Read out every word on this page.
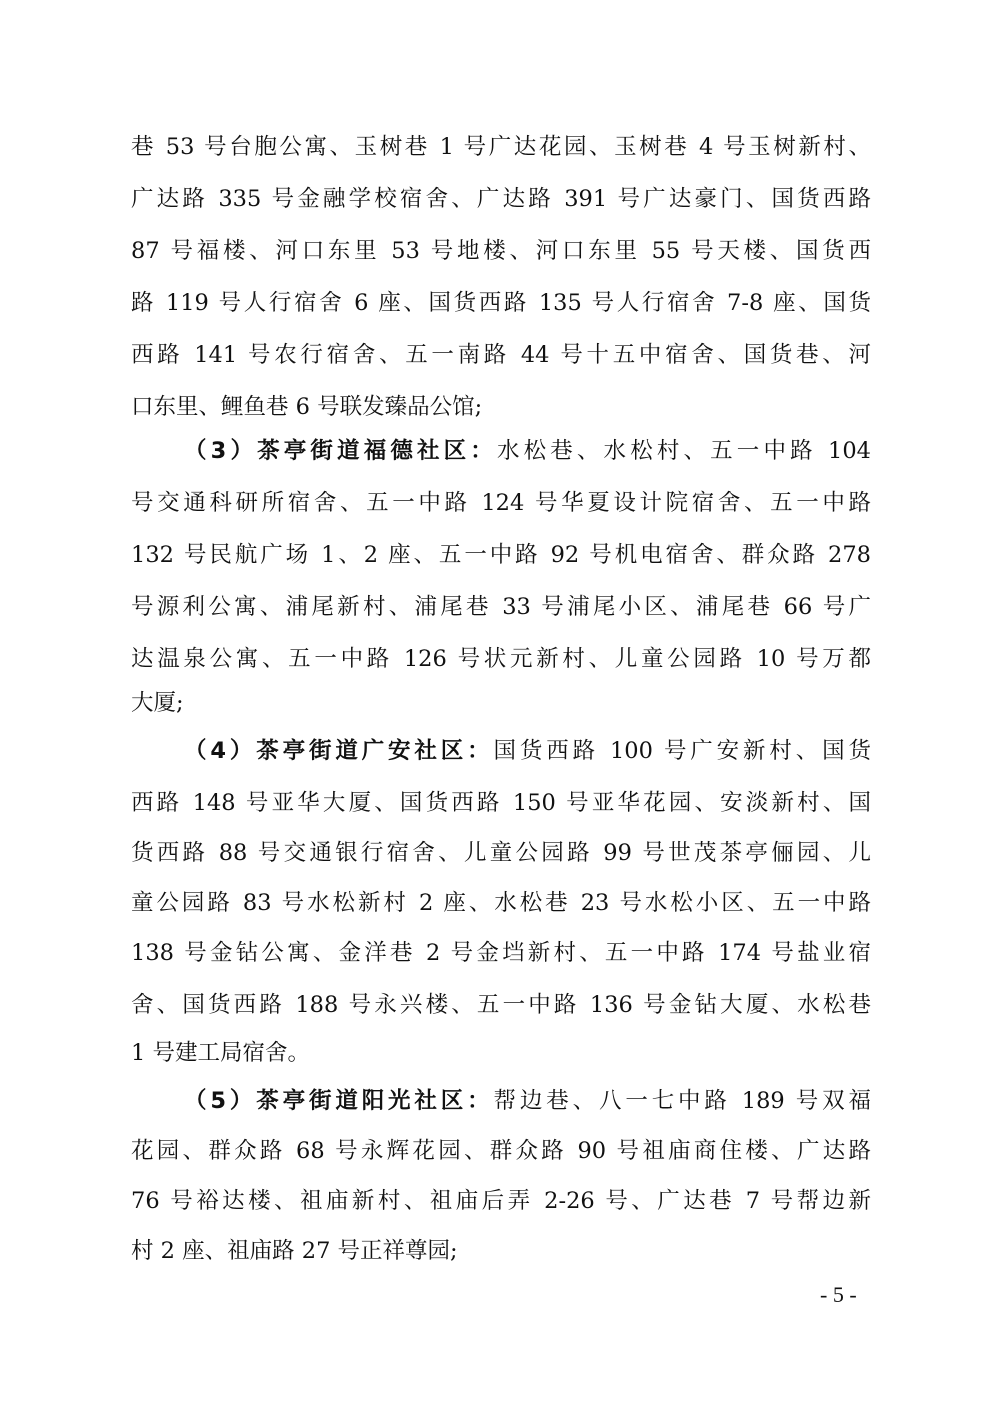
巷 53 号台胞公寓、玉树巷 1 号广达花园、玉树巷 4 号玉树新村、
广达路 335 号金融学校宿舍、广达路 391 号广达豪门、国货西路
87 号福楼、河口东里 53 号地楼、河口东里 55 号天楼、国货西
路 119 号人行宿舍 6 座、国货西路 135 号人行宿舍 7-8 座、国货
西路 141 号农行宿舍、五一南路 44 号十五中宿舍、国货巷、河
口东里、鲤鱼巷 6 号联发臻品公馆;
（3）茶亭街道福德社区：水松巷、水松村、五一中路 104
号交通科研所宿舍、五一中路 124 号华夏设计院宿舍、五一中路
132 号民航广场 1、2 座、五一中路 92 号机电宿舍、群众路 278
号源利公寓、浦尾新村、浦尾巷 33 号浦尾小区、浦尾巷 66 号广
达温泉公寓、五一中路 126 号状元新村、儿童公园路 10 号万都
大厦;
（4）茶亭街道广安社区：国货西路 100 号广安新村、国货
西路 148 号亚华大厦、国货西路 150 号亚华花园、安淡新村、国
货西路 88 号交通银行宿舍、儿童公园路 99 号世茂茶亭俪园、儿
童公园路 83 号水松新村 2 座、水松巷 23 号水松小区、五一中路
138 号金钻公寓、金洋巷 2 号金垱新村、五一中路 174 号盐业宿
舍、国货西路 188 号永兴楼、五一中路 136 号金钻大厦、水松巷
1 号建工局宿舍。
（5）茶亭街道阳光社区：帮边巷、八一七中路 189 号双福
花园、群众路 68 号永辉花园、群众路 90 号祖庙商住楼、广达路
76 号裕达楼、祖庙新村、祖庙后弄 2-26 号、广达巷 7 号帮边新
村 2 座、祖庙路 27 号正祥尊园;
- 5 -
